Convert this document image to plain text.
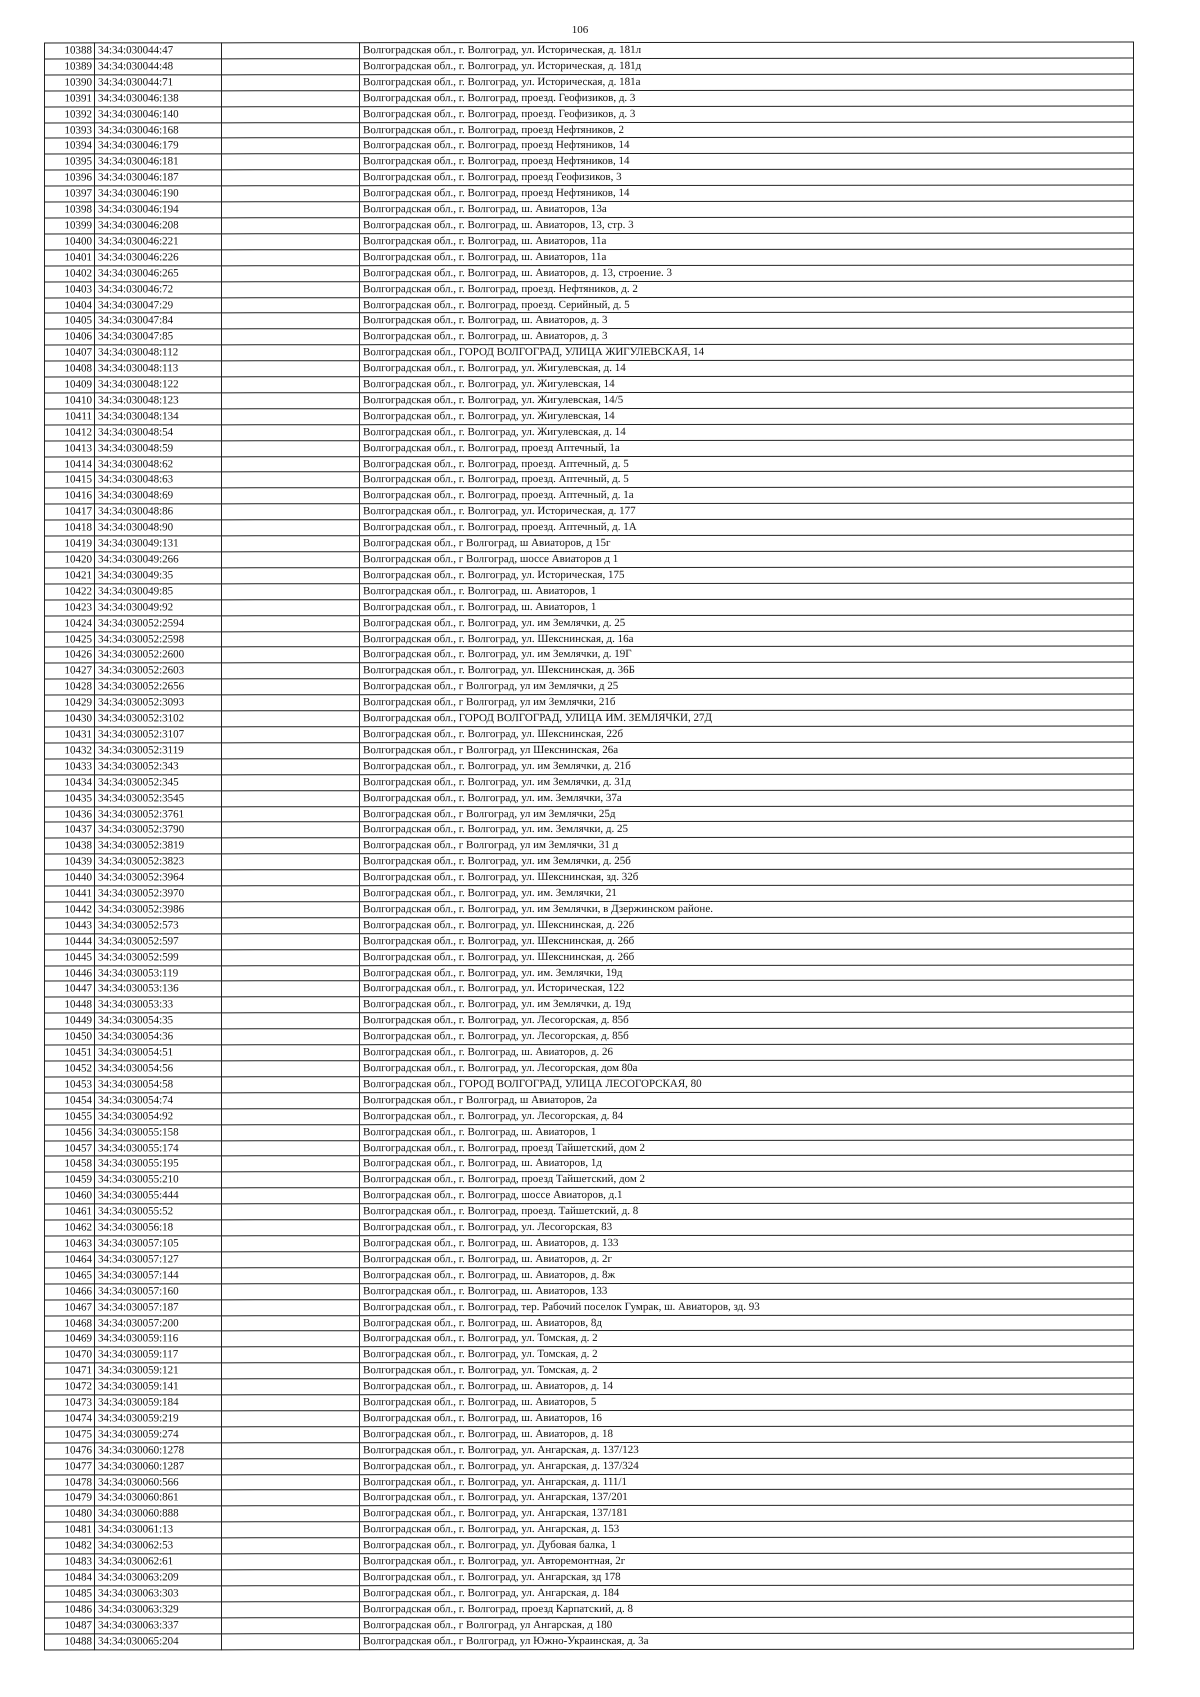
106
10388	34:34:030044:47		Волгоградская обл., г. Волгоград, ул. Историческая, д. 181л
10389	34:34:030044:48		Волгоградская обл., г. Волгоград, ул. Историческая, д. 181д
10390	34:34:030044:71		Волгоградская обл., г. Волгоград, ул. Историческая, д. 181а
10391	34:34:030046:138		Волгоградская обл., г. Волгоград, проезд. Геофизиков, д. 3
10392	34:34:030046:140		Волгоградская обл., г. Волгоград, проезд. Геофизиков, д. 3
10393	34:34:030046:168		Волгоградская обл., г. Волгоград, проезд Нефтяников, 2
10394	34:34:030046:179		Волгоградская обл., г. Волгоград, проезд Нефтяников, 14
10395	34:34:030046:181		Волгоградская обл., г. Волгоград, проезд Нефтяников, 14
10396	34:34:030046:187		Волгоградская обл., г. Волгоград, проезд Геофизиков, 3
10397	34:34:030046:190		Волгоградская обл., г. Волгоград, проезд Нефтяников, 14
10398	34:34:030046:194		Волгоградская обл., г. Волгоград, ш. Авиаторов, 13а
10399	34:34:030046:208		Волгоградская обл., г. Волгоград, ш. Авиаторов, 13, стр. 3
10400	34:34:030046:221		Волгоградская обл., г. Волгоград, ш. Авиаторов, 11а
10401	34:34:030046:226		Волгоградская обл., г. Волгоград, ш. Авиаторов, 11а
10402	34:34:030046:265		Волгоградская обл., г. Волгоград, ш. Авиаторов, д. 13, строение. 3
10403	34:34:030046:72		Волгоградская обл., г. Волгоград, проезд. Нефтяников, д. 2
10404	34:34:030047:29		Волгоградская обл., г. Волгоград, проезд. Серийный, д. 5
10405	34:34:030047:84		Волгоградская обл., г. Волгоград, ш. Авиаторов, д. 3
10406	34:34:030047:85		Волгоградская обл., г. Волгоград, ш. Авиаторов, д. 3
10407	34:34:030048:112		Волгоградская обл., ГОРОД ВОЛГОГРАД, УЛИЦА ЖИГУЛЕВСКАЯ, 14
10408	34:34:030048:113		Волгоградская обл., г. Волгоград, ул. Жигулевская, д. 14
10409	34:34:030048:122		Волгоградская обл., г. Волгоград, ул. Жигулевская, 14
10410	34:34:030048:123		Волгоградская обл., г. Волгоград, ул. Жигулевская, 14/5
10411	34:34:030048:134		Волгоградская обл., г. Волгоград, ул. Жигулевская, 14
10412	34:34:030048:54		Волгоградская обл., г. Волгоград, ул. Жигулевская, д. 14
10413	34:34:030048:59		Волгоградская обл., г. Волгоград, проезд Аптечный, 1а
10414	34:34:030048:62		Волгоградская обл., г. Волгоград, проезд. Аптечный, д. 5
10415	34:34:030048:63		Волгоградская обл., г. Волгоград, проезд. Аптечный, д. 5
10416	34:34:030048:69		Волгоградская обл., г. Волгоград, проезд. Аптечный, д. 1а
10417	34:34:030048:86		Волгоградская обл., г. Волгоград, ул. Историческая, д. 177
10418	34:34:030048:90		Волгоградская обл., г. Волгоград, проезд. Аптечный, д. 1А
10419	34:34:030049:131		Волгоградская обл., г Волгоград, ш Авиаторов, д 15г
10420	34:34:030049:266		Волгоградская обл., г Волгоград, шоссе Авиаторов д 1
10421	34:34:030049:35		Волгоградская обл., г. Волгоград, ул. Историческая, 175
10422	34:34:030049:85		Волгоградская обл., г. Волгоград, ш. Авиаторов, 1
10423	34:34:030049:92		Волгоградская обл., г. Волгоград, ш. Авиаторов, 1
10424	34:34:030052:2594		Волгоградская обл., г. Волгоград, ул. им Землячки, д. 25
10425	34:34:030052:2598		Волгоградская обл., г. Волгоград, ул. Шекснинская, д. 16а
10426	34:34:030052:2600		Волгоградская обл., г. Волгоград, ул. им Землячки, д. 19Г
10427	34:34:030052:2603		Волгоградская обл., г. Волгоград, ул. Шекснинская, д. 36Б
10428	34:34:030052:2656		Волгоградская обл., г Волгоград, ул им Землячки, д 25
10429	34:34:030052:3093		Волгоградская обл., г Волгоград, ул им Землячки, 21б
10430	34:34:030052:3102		Волгоградская обл., ГОРОД ВОЛГОГРАД, УЛИЦА ИМ. ЗЕМЛЯЧКИ, 27Д
10431	34:34:030052:3107		Волгоградская обл., г. Волгоград, ул. Шекснинская, 22б
10432	34:34:030052:3119		Волгоградская обл., г Волгоград, ул Шекснинская, 26а
10433	34:34:030052:343		Волгоградская обл., г. Волгоград, ул. им Землячки, д. 21б
10434	34:34:030052:345		Волгоградская обл., г. Волгоград, ул. им Землячки, д. 31д
10435	34:34:030052:3545		Волгоградская обл., г. Волгоград, ул. им. Землячки, 37а
10436	34:34:030052:3761		Волгоградская обл., г Волгоград, ул им Землячки, 25д
10437	34:34:030052:3790		Волгоградская обл., г. Волгоград, ул. им. Землячки, д. 25
10438	34:34:030052:3819		Волгоградская обл., г Волгоград, ул им Землячки, 31 д
10439	34:34:030052:3823		Волгоградская обл., г. Волгоград, ул. им Землячки, д. 25б
10440	34:34:030052:3964		Волгоградская обл., г. Волгоград, ул. Шекснинская, зд. 32б
10441	34:34:030052:3970		Волгоградская обл., г. Волгоград, ул. им. Землячки, 21
10442	34:34:030052:3986		Волгоградская обл., г. Волгоград, ул. им Землячки, в Дзержинском районе.
10443	34:34:030052:573		Волгоградская обл., г. Волгоград, ул. Шекснинская, д. 22б
10444	34:34:030052:597		Волгоградская обл., г. Волгоград, ул. Шекснинская, д. 26б
10445	34:34:030052:599		Волгоградская обл., г. Волгоград, ул. Шекснинская, д. 26б
10446	34:34:030053:119		Волгоградская обл., г. Волгоград, ул. им. Землячки, 19д
10447	34:34:030053:136		Волгоградская обл., г. Волгоград, ул. Историческая, 122
10448	34:34:030053:33		Волгоградская обл., г. Волгоград, ул. им Землячки, д. 19д
10449	34:34:030054:35		Волгоградская обл., г. Волгоград, ул. Лесогорская, д. 85б
10450	34:34:030054:36		Волгоградская обл., г. Волгоград, ул. Лесогорская, д. 85б
10451	34:34:030054:51		Волгоградская обл., г. Волгоград, ш. Авиаторов, д. 26
10452	34:34:030054:56		Волгоградская обл., г. Волгоград, ул. Лесогорская, дом 80а
10453	34:34:030054:58		Волгоградская обл., ГОРОД ВОЛГОГРАД, УЛИЦА ЛЕСОГОРСКАЯ, 80
10454	34:34:030054:74		Волгоградская обл., г Волгоград, ш Авиаторов, 2а
10455	34:34:030054:92		Волгоградская обл., г. Волгоград, ул. Лесогорская, д. 84
10456	34:34:030055:158		Волгоградская обл., г. Волгоград, ш. Авиаторов, 1
10457	34:34:030055:174		Волгоградская обл., г. Волгоград, проезд Тайшетский, дом 2
10458	34:34:030055:195		Волгоградская обл., г. Волгоград, ш. Авиаторов, 1д
10459	34:34:030055:210		Волгоградская обл., г. Волгоград, проезд Тайшетский, дом 2
10460	34:34:030055:444		Волгоградская обл., г. Волгоград, шоссе Авиаторов, д.1
10461	34:34:030055:52		Волгоградская обл., г. Волгоград, проезд. Тайшетский, д. 8
10462	34:34:030056:18		Волгоградская обл., г. Волгоград, ул. Лесогорская, 83
10463	34:34:030057:105		Волгоградская обл., г. Волгоград, ш. Авиаторов, д. 133
10464	34:34:030057:127		Волгоградская обл., г. Волгоград, ш. Авиаторов, д. 2г
10465	34:34:030057:144		Волгоградская обл., г. Волгоград, ш. Авиаторов, д. 8ж
10466	34:34:030057:160		Волгоградская обл., г. Волгоград, ш. Авиаторов, 133
10467	34:34:030057:187		Волгоградская обл., г. Волгоград, тер. Рабочий поселок Гумрак, ш. Авиаторов, зд. 93
10468	34:34:030057:200		Волгоградская обл., г. Волгоград, ш. Авиаторов, 8д
10469	34:34:030059:116		Волгоградская обл., г. Волгоград, ул. Томская, д. 2
10470	34:34:030059:117		Волгоградская обл., г. Волгоград, ул. Томская, д. 2
10471	34:34:030059:121		Волгоградская обл., г. Волгоград, ул. Томская, д. 2
10472	34:34:030059:141		Волгоградская обл., г. Волгоград, ш. Авиаторов, д. 14
10473	34:34:030059:184		Волгоградская обл., г. Волгоград, ш. Авиаторов, 5
10474	34:34:030059:219		Волгоградская обл., г. Волгоград, ш. Авиаторов, 16
10475	34:34:030059:274		Волгоградская обл., г. Волгоград, ш. Авиаторов, д. 18
10476	34:34:030060:1278		Волгоградская обл., г. Волгоград, ул. Ангарская, д. 137/123
10477	34:34:030060:1287		Волгоградская обл., г. Волгоград, ул. Ангарская, д. 137/324
10478	34:34:030060:566		Волгоградская обл., г. Волгоград, ул. Ангарская, д. 111/1
10479	34:34:030060:861		Волгоградская обл., г. Волгоград, ул. Ангарская, 137/201
10480	34:34:030060:888		Волгоградская обл., г. Волгоград, ул. Ангарская, 137/181
10481	34:34:030061:13		Волгоградская обл., г. Волгоград, ул. Ангарская, д. 153
10482	34:34:030062:53		Волгоградская обл., г. Волгоград, ул. Дубовая балка, 1
10483	34:34:030062:61		Волгоградская обл., г. Волгоград, ул. Авторемонтная, 2г
10484	34:34:030063:209		Волгоградская обл., г. Волгоград, ул. Ангарская, зд 178
10485	34:34:030063:303		Волгоградская обл., г. Волгоград, ул. Ангарская, д. 184
10486	34:34:030063:329		Волгоградская обл., г. Волгоград, проезд Карпатский, д. 8
10487	34:34:030063:337		Волгоградская обл., г Волгоград, ул Ангарская, д 180
10488	34:34:030065:204		Волгоградская обл., г Волгоград, ул Южно-Украинская, д. 3а
